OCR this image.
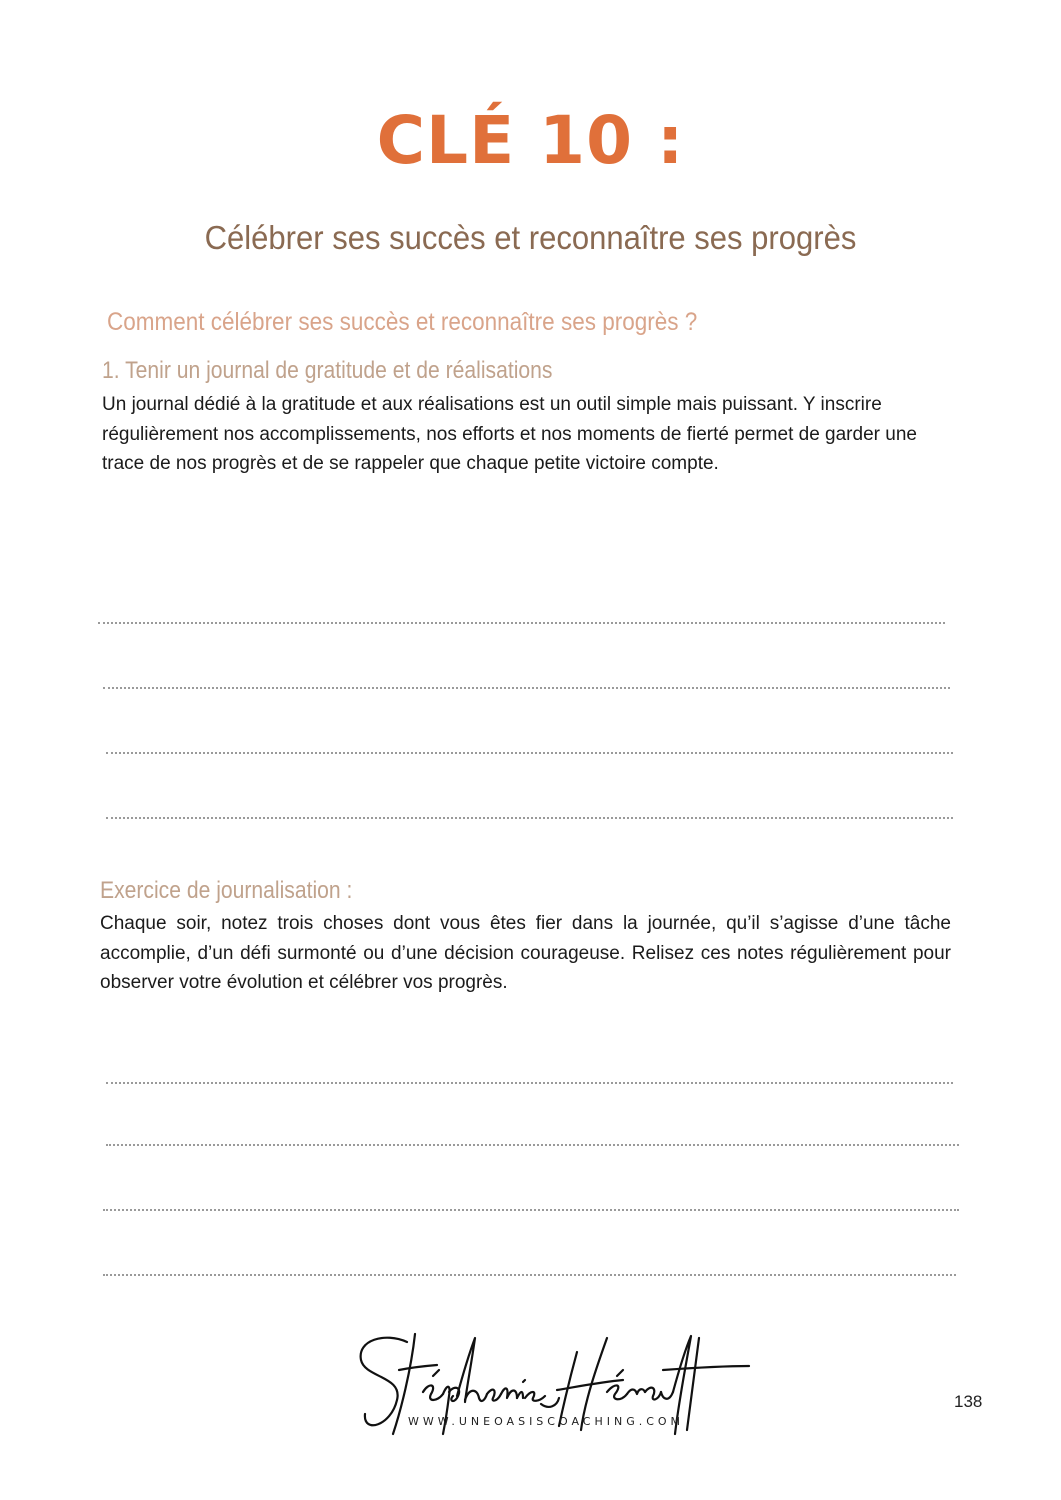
CLÉ 10 :
Célébrer ses succès et reconnaître ses progrès
Comment célébrer ses succès et reconnaître ses progrès ?
1. Tenir un journal de gratitude et de réalisations

Un journal dédié à la gratitude et aux réalisations est un outil simple mais puissant. Y inscrire régulièrement nos accomplissements, nos efforts et nos moments de fierté permet de garder une trace de nos progrès et de se rappeler que chaque petite victoire compte.

Exercice de journalisation :

Chaque soir, notez trois choses dont vous êtes fier dans la journée, qu’il s’agisse d’une tâche accomplie, d’un défi surmonté ou d’une décision courageuse. Relisez ces notes régulièrement pour observer votre évolution et célébrer vos progrès.

WWW.UNEOASISCOACHING.COM
138
